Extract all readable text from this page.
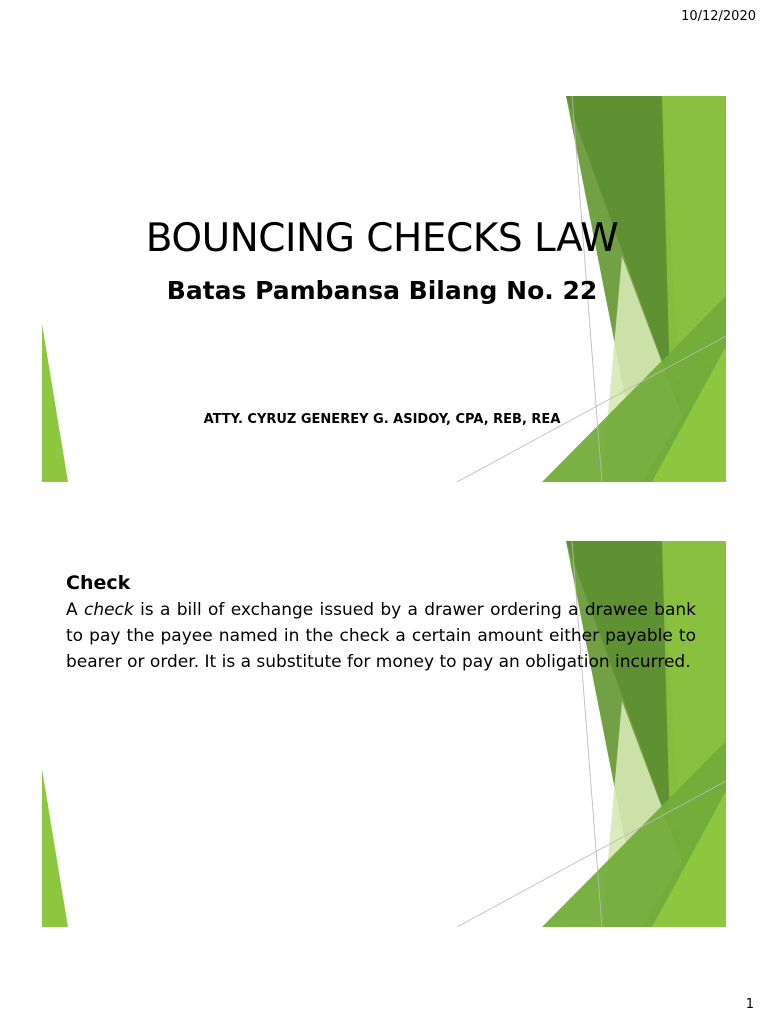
10/12/2020
BOUNCING CHECKS LAW
Batas Pambansa Bilang No. 22
ATTY. CYRUZ GENEREY G. ASIDOY, CPA, REB, REA
Check
A check is a bill of exchange issued by a drawer ordering a drawee bank to pay the payee named in the check a certain amount either payable to bearer or order. It is a substitute for money to pay an obligation incurred.
1
